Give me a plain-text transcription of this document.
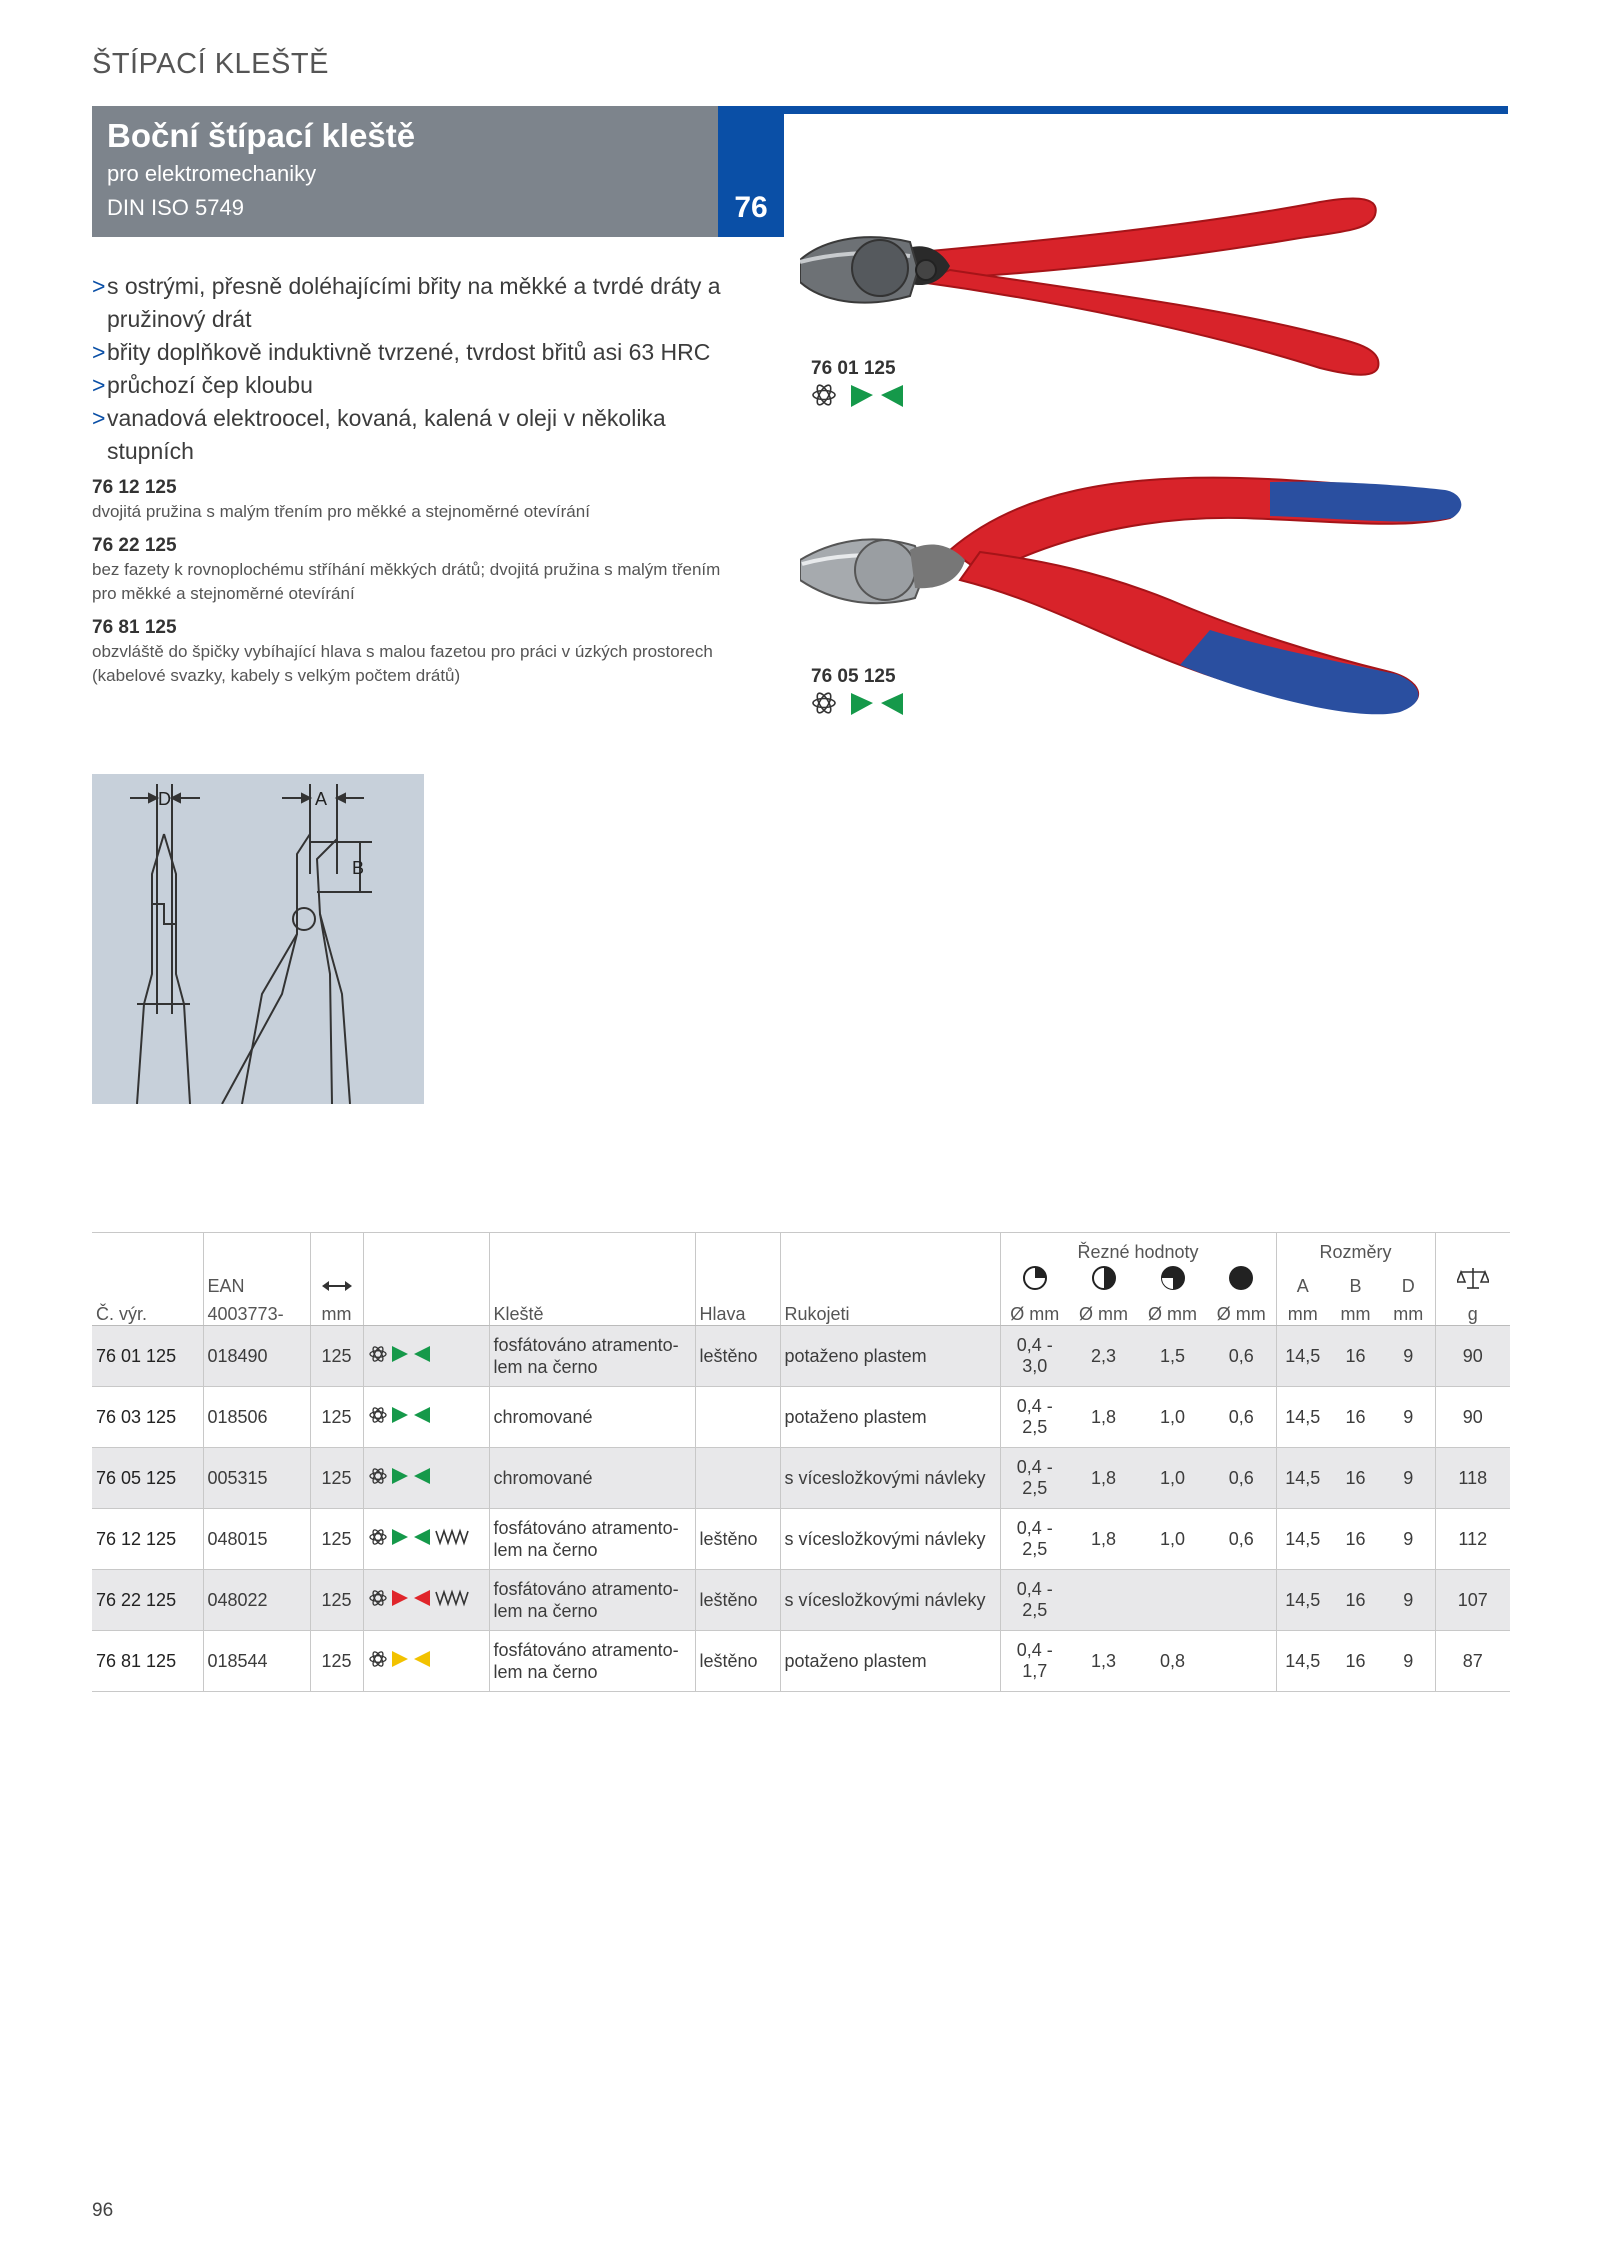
ŠTÍPACÍ KLEŠTĚ
Boční štípací kleště
pro elektromechaniky
DIN ISO 5749	76
> s ostrými, přesně doléhajícími břity na měkké a tvrdé dráty a pružinový drát
> břity doplňkově induktivně tvrzené, tvrdost břitů asi 63 HRC
> průchozí čep kloubu
> vanadová elektroocel, kovaná, kalená v oleji v několika stupních
76 12 125
dvojitá pružina s malým třením pro měkké a stejnoměrné otevírání
76 22 125
bez fazety k rovnoplochému stříhání měkkých drátů; dvojitá pružina s malým třením pro měkké a stejnoměrné otevírání
76 81 125
obzvláště do špičky vybíhající hlava s malou fazetou pro práci v úzkých prostorech (kabelové svazky, kabely s velkým počtem drátů)
76 01 125
76 05 125
D	A
B
							Řezné hodnoty				Rozměry			
	EAN										A	B	D	
Č. výr.	4003773-	mm		Kleště	Hlava	Rukojeti	Ø mm	Ø mm	Ø mm	Ø mm	mm	mm	mm	g
76 01 125	018490	125		fosfátováno atramento-lem na černo	leštěno	potaženo plastem	0,4 - 3,0	2,3	1,5	0,6	14,5	16	9	90
76 03 125	018506	125		chromované		potaženo plastem	0,4 - 2,5	1,8	1,0	0,6	14,5	16	9	90
76 05 125	005315	125		chromované		s vícesložkovými návleky	0,4 - 2,5	1,8	1,0	0,6	14,5	16	9	118
76 12 125	048015	125		fosfátováno atramento-lem na černo	leštěno	s vícesložkovými návleky	0,4 - 2,5	1,8	1,0	0,6	14,5	16	9	112
76 22 125	048022	125		fosfátováno atramento-lem na černo	leštěno	s vícesložkovými návleky	0,4 - 2,5				14,5	16	9	107
76 81 125	018544	125		fosfátováno atramento-lem na černo	leštěno	potaženo plastem	0,4 - 1,7	1,3	0,8		14,5	16	9	87
96
